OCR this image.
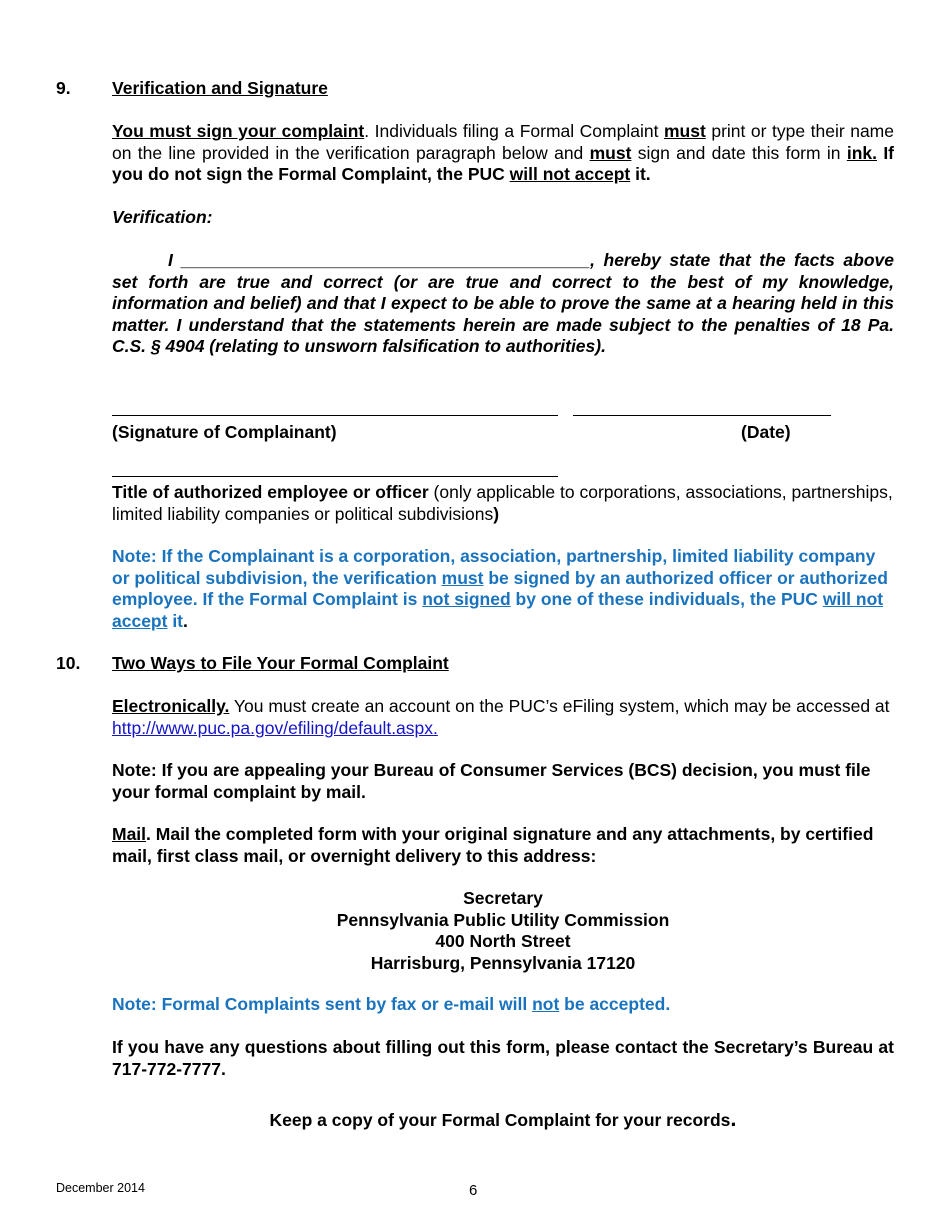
9. Verification and Signature
You must sign your complaint. Individuals filing a Formal Complaint must print or type their name on the line provided in the verification paragraph below and must sign and date this form in ink. If you do not sign the Formal Complaint, the PUC will not accept it.
Verification:
I __________________________________________, hereby state that the facts above set forth are true and correct (or are true and correct to the best of my knowledge, information and belief) and that I expect to be able to prove the same at a hearing held in this matter. I understand that the statements herein are made subject to the penalties of 18 Pa. C.S. § 4904 (relating to unsworn falsification to authorities).
(Signature of Complainant)	(Date)
Title of authorized employee or officer (only applicable to corporations, associations, partnerships, limited liability companies or political subdivisions)
Note: If the Complainant is a corporation, association, partnership, limited liability company or political subdivision, the verification must be signed by an authorized officer or authorized employee. If the Formal Complaint is not signed by one of these individuals, the PUC will not accept it.
10. Two Ways to File Your Formal Complaint
Electronically. You must create an account on the PUC’s eFiling system, which may be accessed at http://www.puc.pa.gov/efiling/default.aspx.
Note: If you are appealing your Bureau of Consumer Services (BCS) decision, you must file your formal complaint by mail.
Mail. Mail the completed form with your original signature and any attachments, by certified mail, first class mail, or overnight delivery to this address:
Secretary
Pennsylvania Public Utility Commission
400 North Street
Harrisburg, Pennsylvania 17120
Note: Formal Complaints sent by fax or e-mail will not be accepted.
If you have any questions about filling out this form, please contact the Secretary’s Bureau at 717-772-7777.
Keep a copy of your Formal Complaint for your records.
December 2014	6
